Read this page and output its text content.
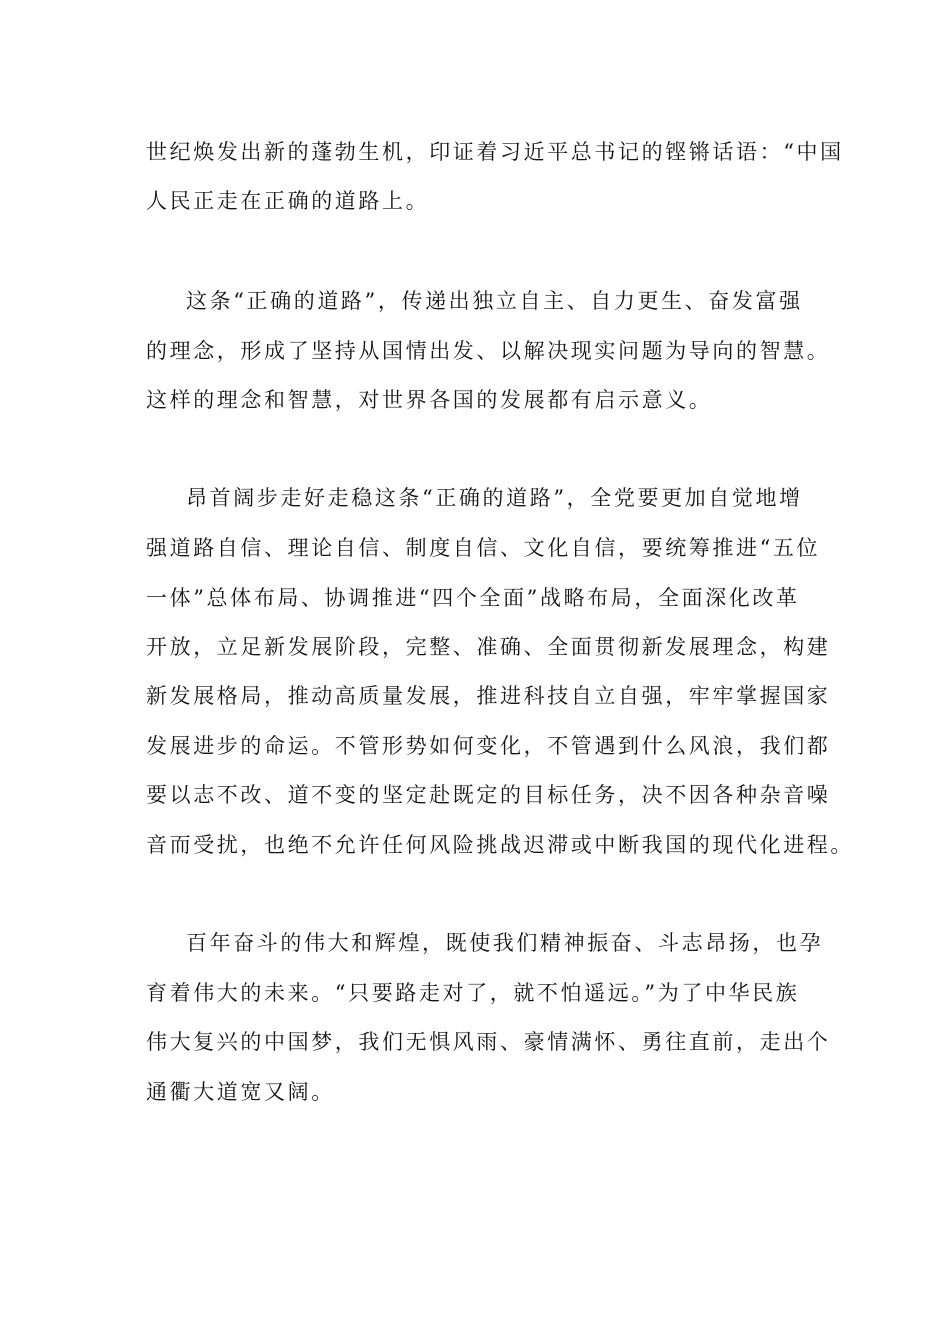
世纪焕发出新的蓬勃生机，印证着习近平总书记的铿锵话语：“中国
人民正走在正确的道路上。
这条“正确的道路”，传递出独立自主、自力更生、奋发富强
的理念，形成了坚持从国情出发、以解决现实问题为导向的智慧。
这样的理念和智慧，对世界各国的发展都有启示意义。
昂首阔步走好走稳这条“正确的道路”，全党要更加自觉地增
强道路自信、理论自信、制度自信、文化自信，要统筹推进“五位
一体”总体布局、协调推进“四个全面”战略布局，全面深化改革
开放，立足新发展阶段，完整、准确、全面贯彻新发展理念，构建
新发展格局，推动高质量发展，推进科技自立自强，牢牢掌握国家
发展进步的命运。不管形势如何变化，不管遇到什么风浪，我们都
要以志不改、道不变的坚定赴既定的目标任务，决不因各种杂音噪
音而受扰，也绝不允许任何风险挑战迟滞或中断我国的现代化进程。
百年奋斗的伟大和辉煌，既使我们精神振奋、斗志昂扬，也孕
育着伟大的未来。“只要路走对了，就不怕遥远。”为了中华民族
伟大复兴的中国梦，我们无惧风雨、豪情满怀、勇往直前，走出个
通衢大道宽又阔。
